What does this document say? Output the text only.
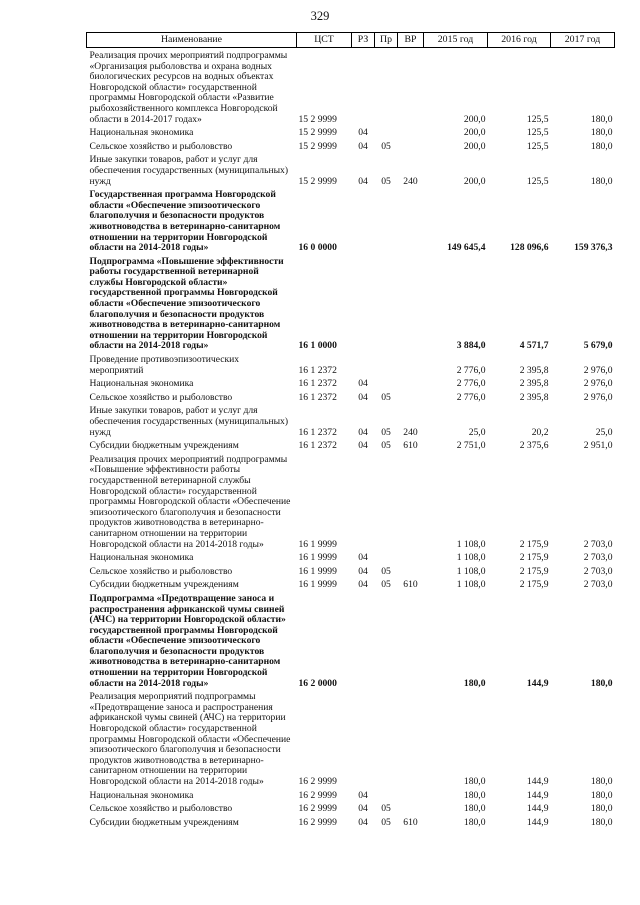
329
Наименование	ЦСТ	РЗ	Пр	ВР	2015 год	2016 год	2017 год
Реализация прочих мероприятий подпрограммы «Организация рыболовства и охрана водных биологических ресурсов на водных объектах Новгородской области» государственной программы Новгородской области «Развитие рыбохозяйственного комплекса Новгородской области в 2014-2017 годах»	15 2 9999				200,0	125,5	180,0
Национальная экономика	15 2 9999	04			200,0	125,5	180,0
Сельское хозяйство и рыболовство	15 2 9999	04	05		200,0	125,5	180,0
Иные закупки товаров, работ и услуг для обеспечения государственных (муниципальных) нужд	15 2 9999	04	05	240	200,0	125,5	180,0
Государственная программа Новгородской области «Обеспечение эпизоотического благополучия и безопасности продуктов животноводства в ветеринарно-санитарном отношении на территории Новгородской области на 2014-2018 годы»	16 0 0000				149 645,4	128 096,6	159 376,3
Подпрограмма «Повышение эффективности работы государственной ветеринарной службы Новгородской области» государственной программы Новгородской области «Обеспечение эпизоотического благополучия и безопасности продуктов животноводства в ветеринарно-санитарном отношении на территории Новгородской области на 2014-2018 годы»	16 1 0000				3 884,0	4 571,7	5 679,0
Проведение противоэпизоотических мероприятий	16 1 2372				2 776,0	2 395,8	2 976,0
Национальная экономика	16 1 2372	04			2 776,0	2 395,8	2 976,0
Сельское хозяйство и рыболовство	16 1 2372	04	05		2 776,0	2 395,8	2 976,0
Иные закупки товаров, работ и услуг для обеспечения государственных (муниципальных) нужд	16 1 2372	04	05	240	25,0	20,2	25,0
Субсидии бюджетным учреждениям	16 1 2372	04	05	610	2 751,0	2 375,6	2 951,0
Реализация прочих мероприятий подпрограммы «Повышение эффективности работы государственной ветеринарной службы Новгородской области» государственной программы Новгородской области «Обеспечение эпизоотического благополучия и безопасности продуктов животноводства в ветеринарно-санитарном отношении на территории Новгородской области на 2014-2018 годы»	16 1 9999				1 108,0	2 175,9	2 703,0
Национальная экономика	16 1 9999	04			1 108,0	2 175,9	2 703,0
Сельское хозяйство и рыболовство	16 1 9999	04	05		1 108,0	2 175,9	2 703,0
Субсидии бюджетным учреждениям	16 1 9999	04	05	610	1 108,0	2 175,9	2 703,0
Подпрограмма «Предотвращение заноса и распространения африканской чумы свиней (АЧС) на территории Новгородской области» государственной программы Новгородской области «Обеспечение эпизоотического благополучия и безопасности продуктов животноводства в ветеринарно-санитарном отношении на территории Новгородской области на 2014-2018 годы»	16 2 0000				180,0	144,9	180,0
Реализация мероприятий подпрограммы «Предотвращение заноса и распространения африканской чумы свиней (АЧС) на территории Новгородской области» государственной программы Новгородской области «Обеспечение эпизоотического благополучия и безопасности продуктов животноводства в ветеринарно-санитарном отношении на территории Новгородской области на 2014-2018 годы»	16 2 9999				180,0	144,9	180,0
Национальная экономика	16 2 9999	04			180,0	144,9	180,0
Сельское хозяйство и рыболовство	16 2 9999	04	05		180,0	144,9	180,0
Субсидии бюджетным учреждениям	16 2 9999	04	05	610	180,0	144,9	180,0
